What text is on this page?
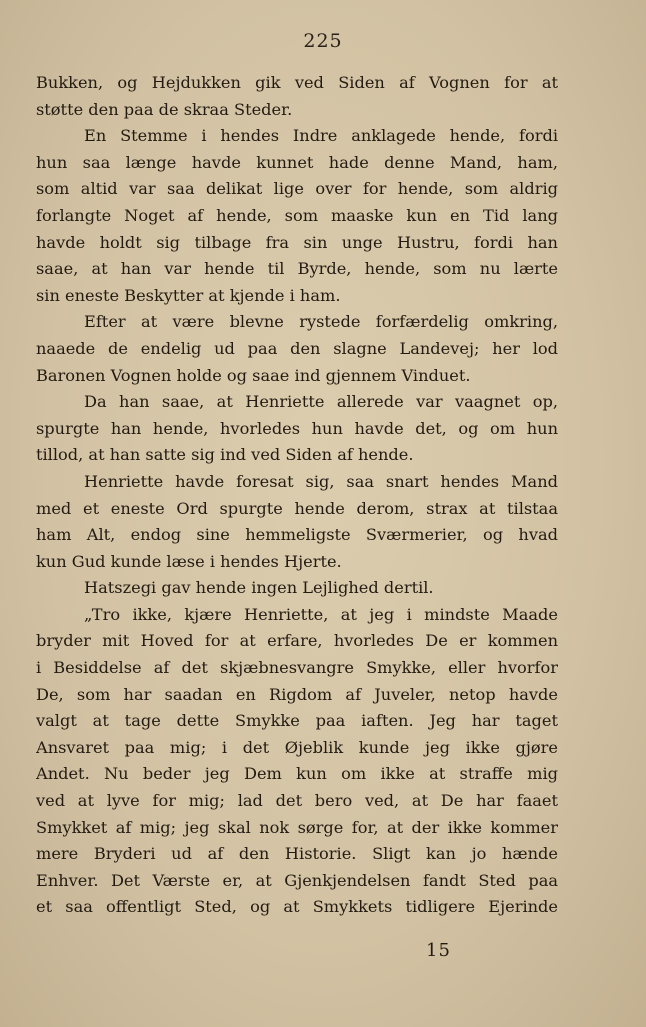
225
Bukken, og Hejdukken gik ved Siden af Vognen for at
støtte den paa de skraa Steder.
En Stemme i hendes Indre anklagede hende, fordi
hun saa længe havde kunnet hade denne Mand, ham,
som altid var saa delikat lige over for hende, som aldrig
forlangte Noget af hende, som maaske kun en Tid lang
havde holdt sig tilbage fra sin unge Hustru, fordi han
saae, at han var hende til Byrde, hende, som nu lærte
sin eneste Beskytter at kjende i ham.
Efter at være blevne rystede forfærdelig omkring,
naaede de endelig ud paa den slagne Landevej; her lod
Baronen Vognen holde og saae ind gjennem Vinduet.
Da han saae, at Henriette allerede var vaagnet op,
spurgte han hende, hvorledes hun havde det, og om hun
tillod, at han satte sig ind ved Siden af hende.
Henriette havde foresat sig, saa snart hendes Mand
med et eneste Ord spurgte hende derom, strax at tilstaa
ham Alt, endog sine hemmeligste Sværmerier, og hvad
kun Gud kunde læse i hendes Hjerte.
Hatszegi gav hende ingen Lejlighed dertil.
„Tro ikke, kjære Henriette, at jeg i mindste Maade
bryder mit Hoved for at erfare, hvorledes De er kommen
i Besiddelse af det skjæbnesvangre Smykke, eller hvorfor
De, som har saadan en Rigdom af Juveler, netop havde
valgt at tage dette Smykke paa iaften. Jeg har taget
Ansvaret paa mig; i det Øjeblik kunde jeg ikke gjøre
Andet. Nu beder jeg Dem kun om ikke at straffe mig
ved at lyve for mig; lad det bero ved, at De har faaet
Smykket af mig; jeg skal nok sørge for, at der ikke kommer
mere Bryderi ud af den Historie. Sligt kan jo hænde
Enhver. Det Værste er, at Gjenkjendelsen fandt Sted paa
et saa offentligt Sted, og at Smykkets tidligere Ejerinde
15
